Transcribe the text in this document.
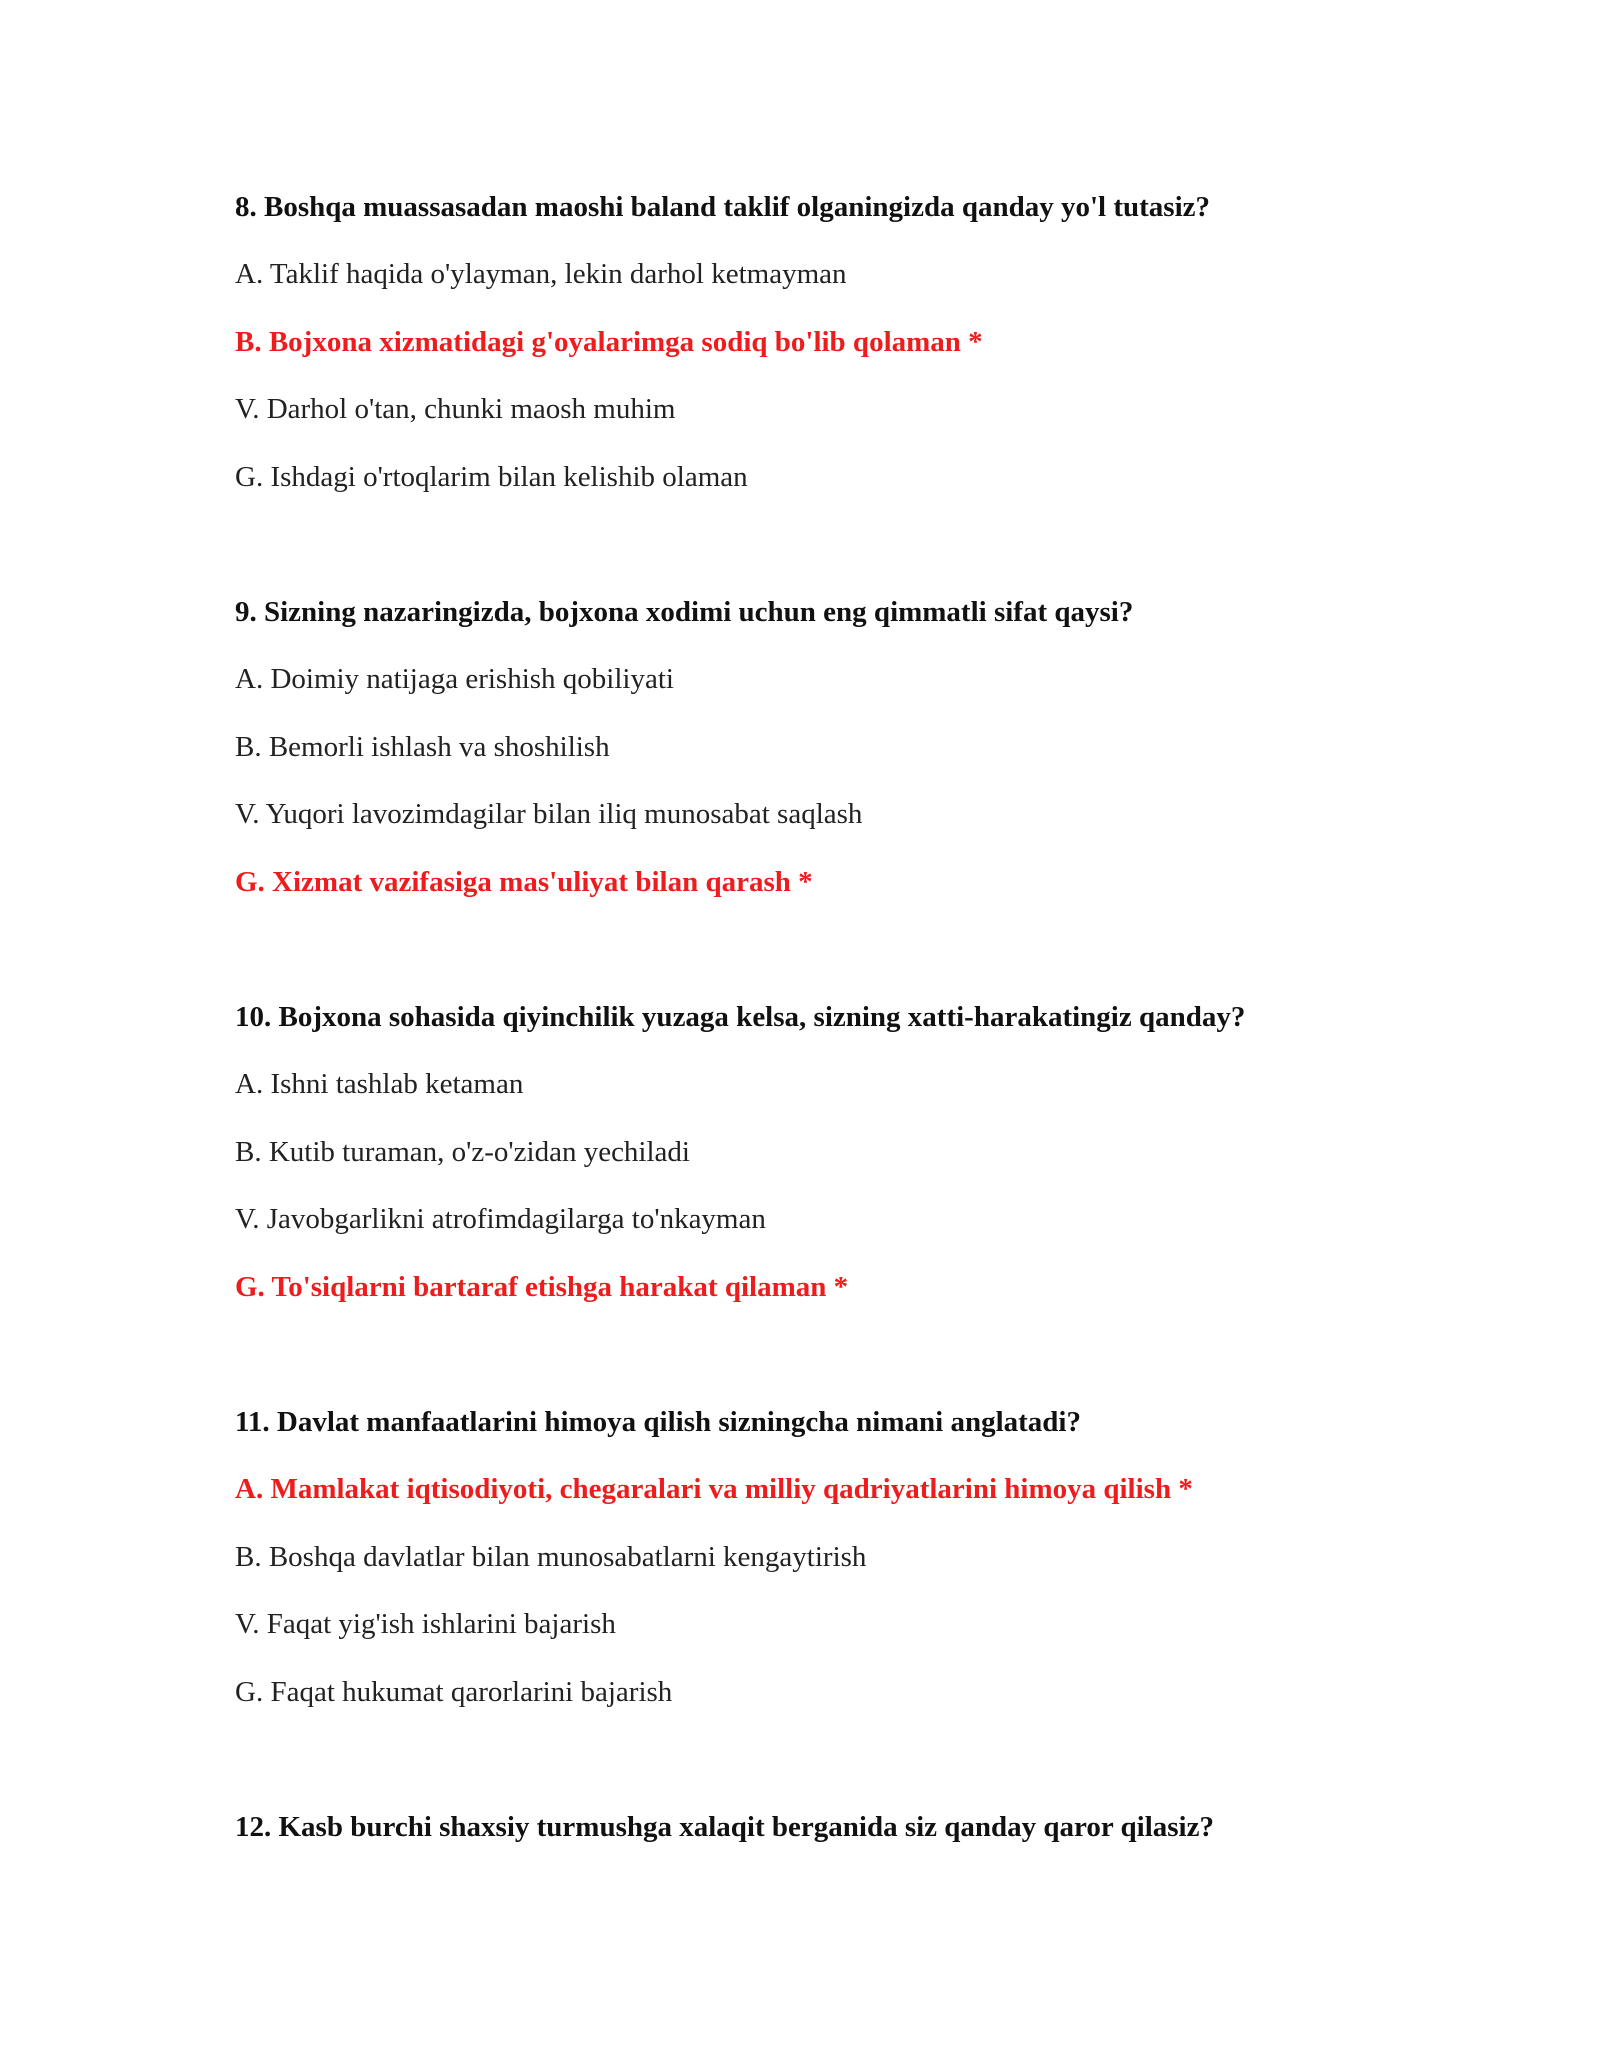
8. Boshqa muassasadan maoshi baland taklif olganingizda qanday yo'l tutasiz?
A. Taklif haqida o'ylayman, lekin darhol ketmayman
B. Bojxona xizmatidagi g'oyalarimga sodiq bo'lib qolaman *
V. Darhol o'tan, chunki maosh muhim
G. Ishdagi o'rtoqlarim bilan kelishib olaman
9. Sizning nazaringizda, bojxona xodimi uchun eng qimmatli sifat qaysi?
A. Doimiy natijaga erishish qobiliyati
B. Bemorli ishlash va shoshilish
V. Yuqori lavozimdagilar bilan iliq munosabat saqlash
G. Xizmat vazifasiga mas'uliyat bilan qarash *
10. Bojxona sohasida qiyinchilik yuzaga kelsa, sizning xatti-harakatingiz qanday?
A. Ishni tashlab ketaman
B. Kutib turaman, o'z-o'zidan yechiladi
V. Javobgarlikni atrofimdagilarga to'nkayman
G. To'siqlarni bartaraf etishga harakat qilaman *
11. Davlat manfaatlarini himoya qilish sizningcha nimani anglatadi?
A. Mamlakat iqtisodiyoti, chegaralari va milliy qadriyatlarini himoya qilish *
B. Boshqa davlatlar bilan munosabatlarni kengaytirish
V. Faqat yig'ish ishlarini bajarish
G. Faqat hukumat qarorlarini bajarish
12. Kasb burchi shaxsiy turmushga xalaqit berganida siz qanday qaror qilasiz?
